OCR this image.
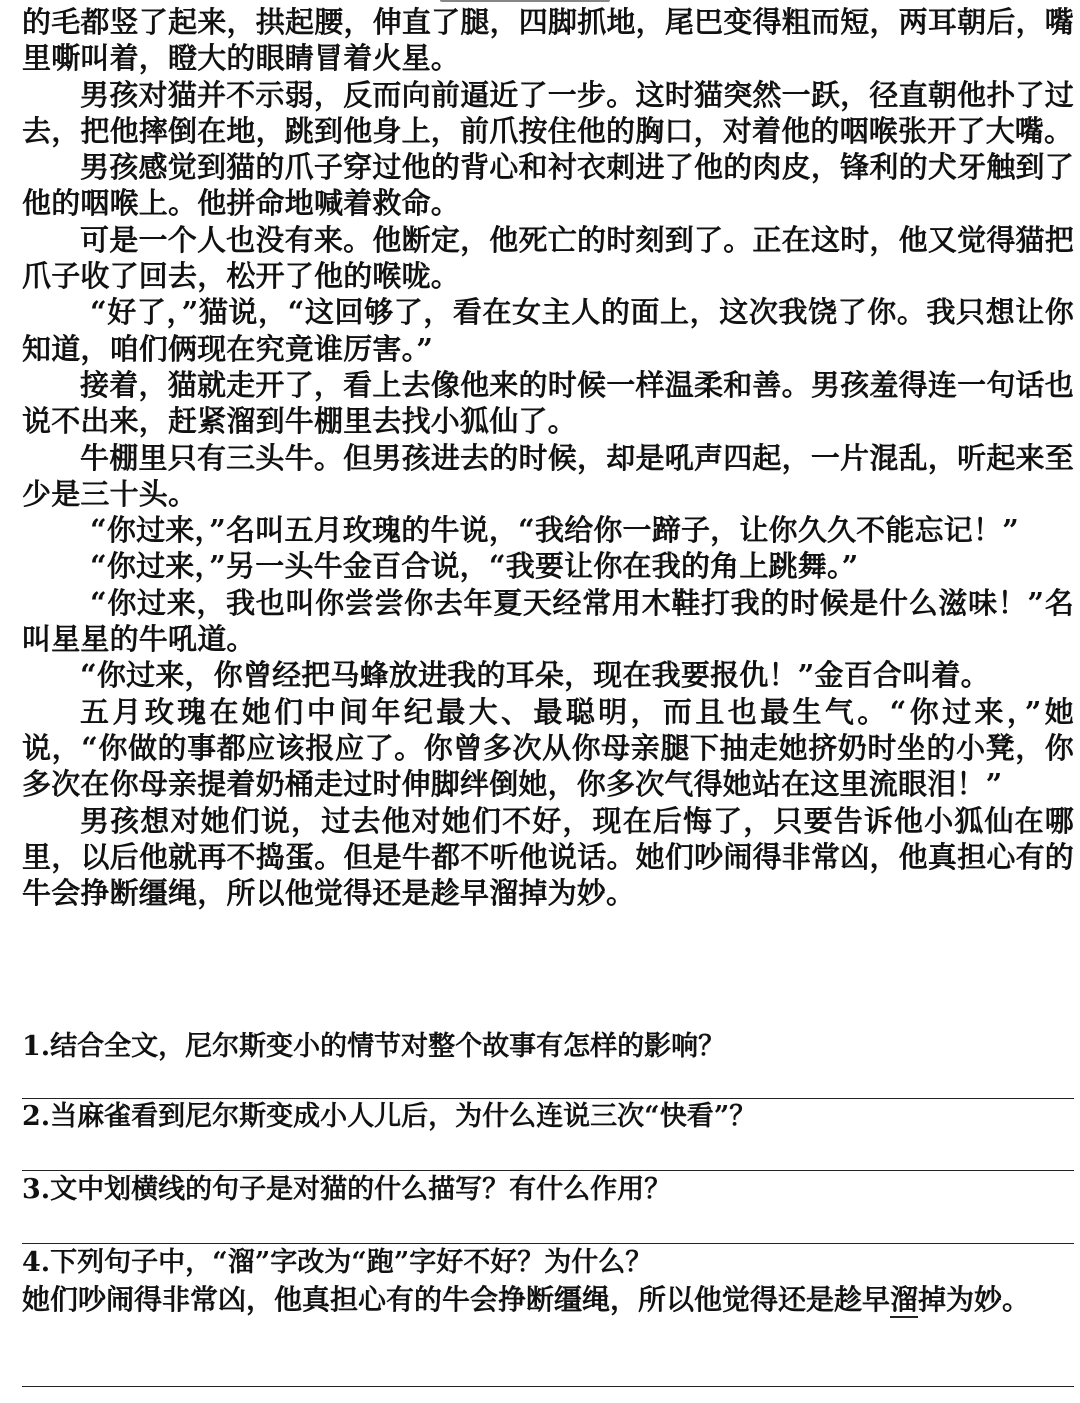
的毛都竖了起来，拱起腰，伸直了腿，四脚抓地，尾巴变得粗而短，两耳朝后，嘴里嘶叫着，瞪大的眼睛冒着火星。

男孩对猫并不示弱，反而向前逼近了一步。这时猫突然一跃，径直朝他扑了过去，把他摔倒在地，跳到他身上，前爪按住他的胸口，对着他的咽喉张开了大嘴。

男孩感觉到猫的爪子穿过他的背心和衬衣刺进了他的肉皮，锋利的犬牙触到了他的咽喉上。他拼命地喊着救命。

可是一个人也没有来。他断定，他死亡的时刻到了。正在这时，他又觉得猫把爪子收了回去，松开了他的喉咙。

“好了，”猫说，“这回够了，看在女主人的面上，这次我饶了你。我只想让你知道，咱们俩现在究竟谁厉害。”

接着，猫就走开了，看上去像他来的时候一样温柔和善。男孩羞得连一句话也说不出来，赶紧溜到牛棚里去找小狐仙了。

牛棚里只有三头牛。但男孩进去的时候，却是吼声四起，一片混乱，听起来至少是三十头。

“你过来，”名叫五月玫瑰的牛说，“我给你一蹄子，让你久久不能忘记！”

“你过来，”另一头牛金百合说，“我要让你在我的角上跳舞。”

“你过来，我也叫你尝尝你去年夏天经常用木鞋打我的时候是什么滋味！”名叫星星的牛吼道。

“你过来，你曾经把马蜂放进我的耳朵，现在我要报仇！”金百合叫着。

五月玫瑰在她们中间年纪最大、最聪明，而且也最生气。“你过来，”她说，“你做的事都应该报应了。你曾多次从你母亲腿下抽走她挤奶时坐的小凳，你多次在你母亲提着奶桶走过时伸脚绊倒她，你多次气得她站在这里流眼泪！”

男孩想对她们说，过去他对她们不好，现在后悔了，只要告诉他小狐仙在哪里，以后他就再不捣蛋。但是牛都不听他说话。她们吵闹得非常凶，他真担心有的牛会挣断缰绳，所以他觉得还是趁早溜掉为妙。

1.结合全文，尼尔斯变小的情节对整个故事有怎样的影响？
2.当麻雀看到尼尔斯变成小人儿后，为什么连说三次“快看”？
3.文中划横线的句子是对猫的什么描写？有什么作用？
4.下列句子中，“溜”字改为“跑”字好不好？为什么？
她们吵闹得非常凶，他真担心有的牛会挣断缰绳，所以他觉得还是趁早溜掉为妙。
